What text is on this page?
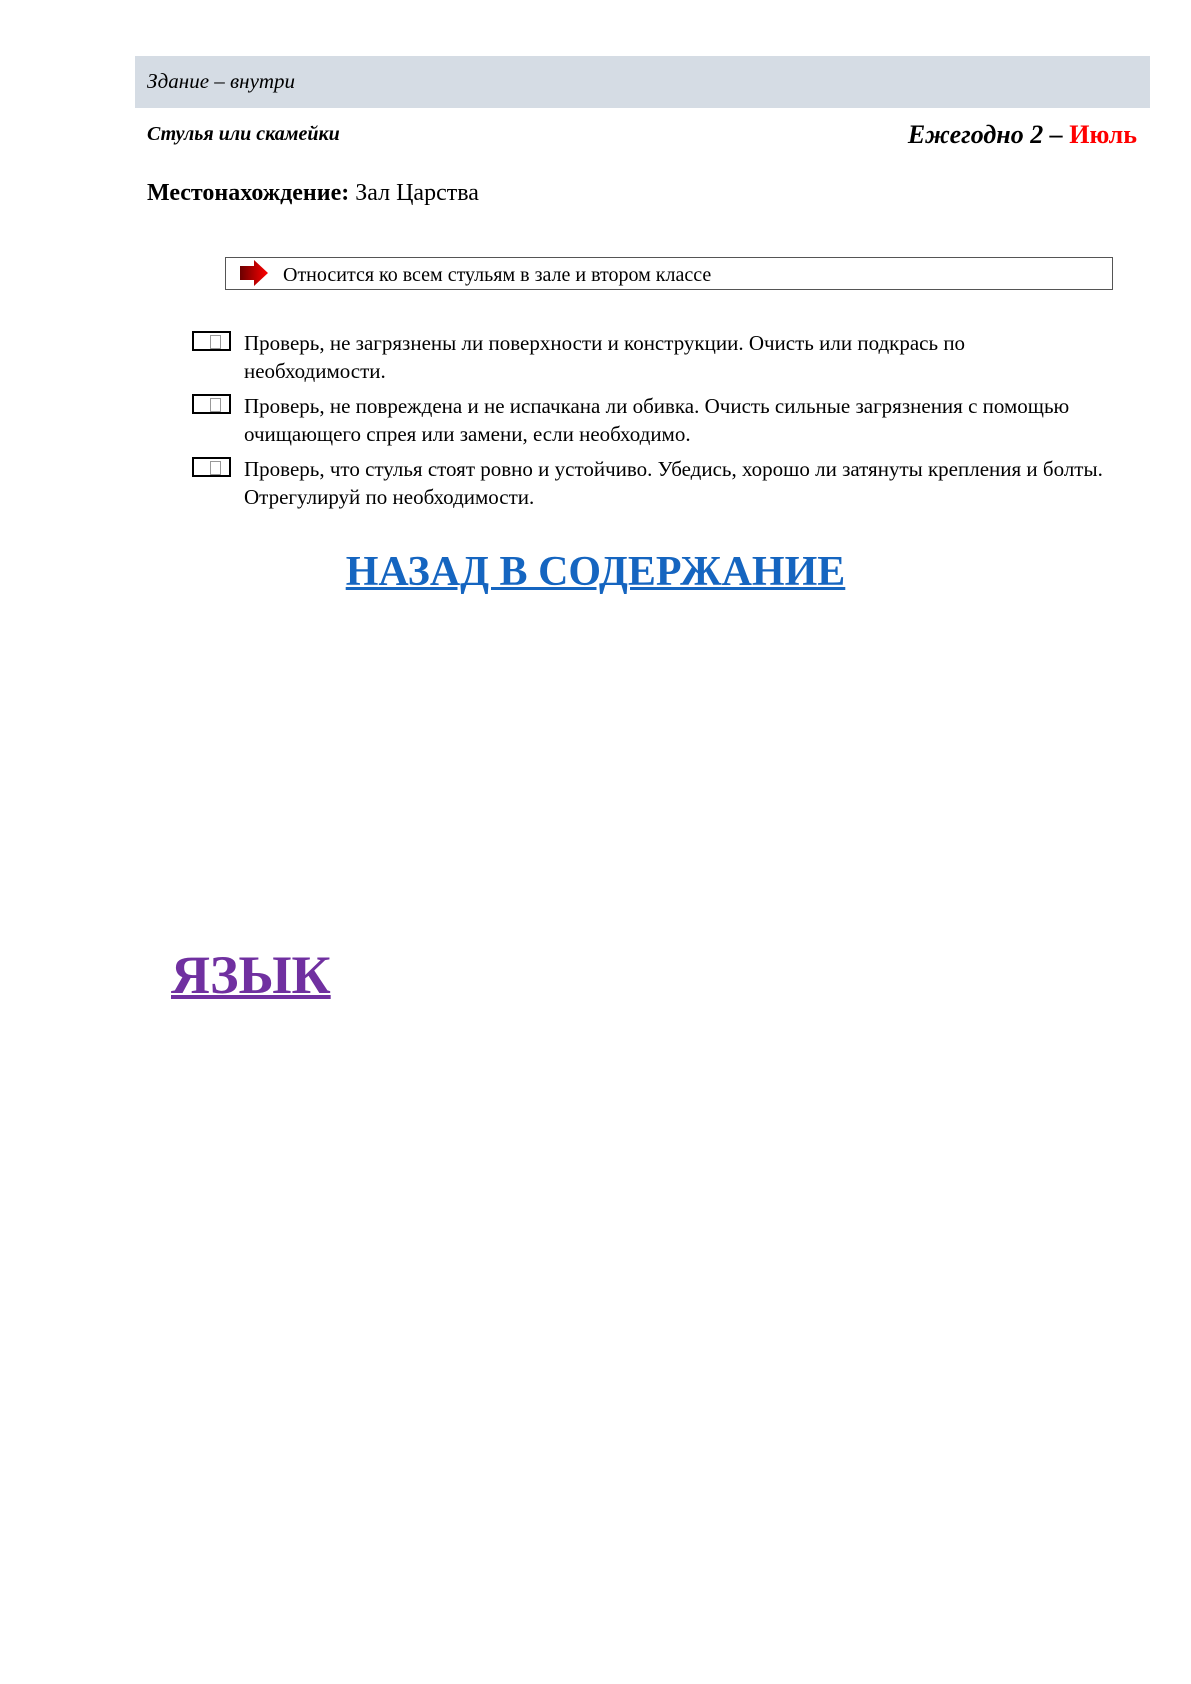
Здание – внутри
Стулья или скамейки	Ежегодно 2 – Июль
Местонахождение: Зал Царства
Относится ко всем стульям в зале и втором классе
Проверь, не загрязнены ли поверхности и конструкции. Очисть или подкрась по необходимости.
Проверь, не повреждена и не испачкана ли обивка. Очисть сильные загрязнения с помощью очищающего спрея или замени, если необходимо.
Проверь, что стулья стоят ровно и устойчиво. Убедись, хорошо ли затянуты крепления и болты. Отрегулируй по необходимости.
НАЗАД В СОДЕРЖАНИЕ
ЯЗЫК
